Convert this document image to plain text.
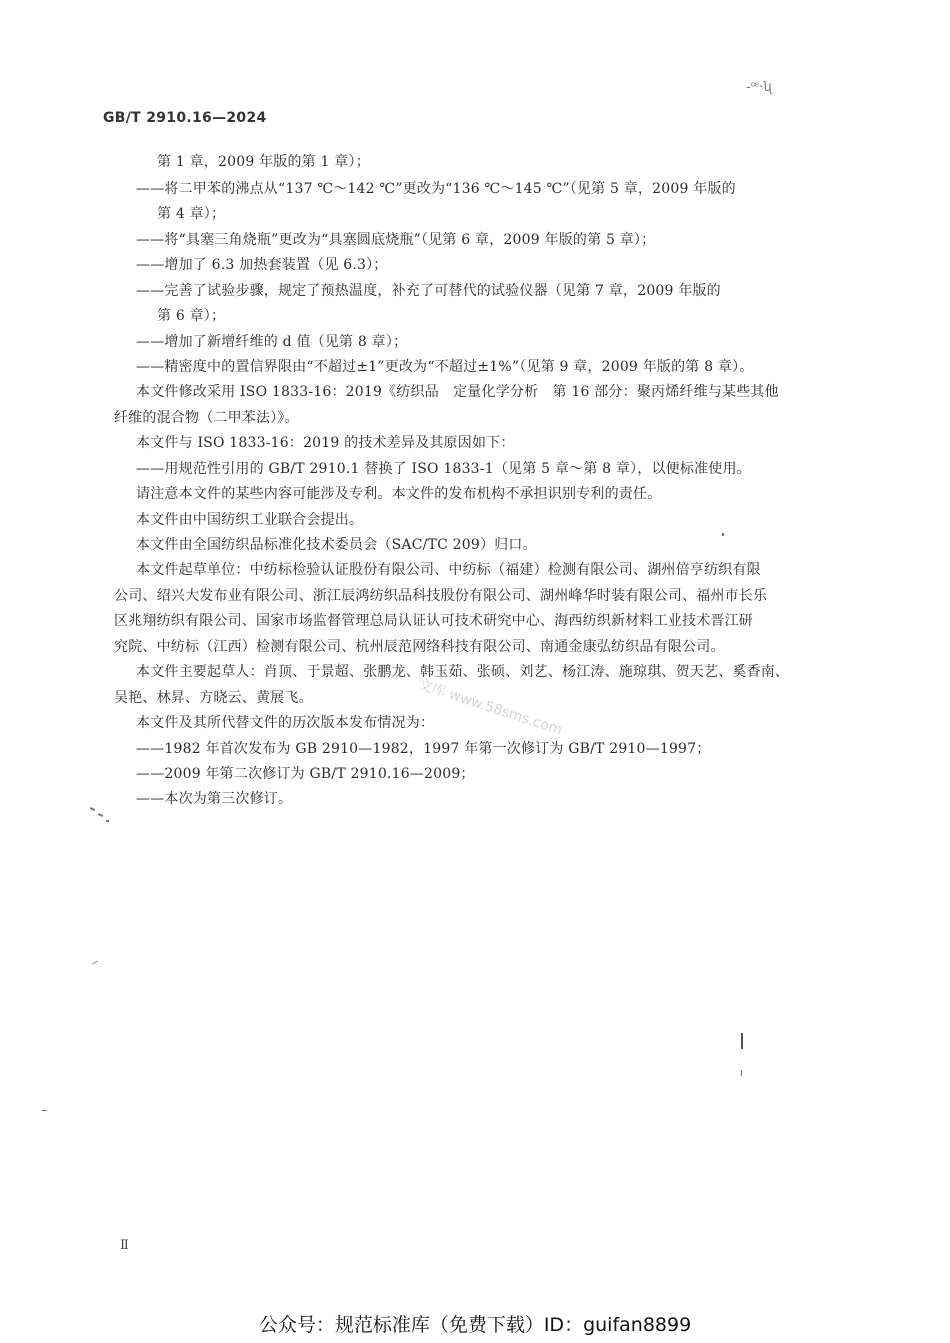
GB/T 2910.16—2024
-ꟹ‧ʯ
第 1 章，2009 年版的第 1 章）；
——将二甲苯的沸点从“137 ℃～142 ℃”更改为“136 ℃～145 ℃”（见第 5 章，2009 年版的
第 4 章）；
——将“具塞三角烧瓶”更改为“具塞圆底烧瓶”（见第 6 章，2009 年版的第 5 章）；
——增加了 6.3 加热套装置（见 6.3）；
——完善了试验步骤，规定了预热温度，补充了可替代的试验仪器（见第 7 章，2009 年版的
第 6 章）；
——增加了新增纤维的 d 值（见第 8 章）；
——精密度中的置信界限由“不超过±1”更改为“不超过±1%”（见第 9 章，2009 年版的第 8 章）。
本文件修改采用 ISO 1833-16：2019《纺织品　定量化学分析　第 16 部分：聚丙烯纤维与某些其他
纤维的混合物（二甲苯法）》。
本文件与 ISO 1833-16：2019 的技术差异及其原因如下：
——用规范性引用的 GB/T 2910.1 替换了 ISO 1833-1（见第 5 章～第 8 章），以便标准使用。
请注意本文件的某些内容可能涉及专利。本文件的发布机构不承担识别专利的责任。
本文件由中国纺织工业联合会提出。
本文件由全国纺织品标准化技术委员会（SAC/TC 209）归口。
本文件起草单位：中纺标检验认证股份有限公司、中纺标（福建）检测有限公司、湖州倍亨纺织有限
公司、绍兴大发布业有限公司、浙江辰鸿纺织品科技股份有限公司、湖州峰华时装有限公司、福州市长乐
区兆翔纺织有限公司、国家市场监督管理总局认证认可技术研究中心、海西纺织新材料工业技术晋江研
究院、中纺标（江西）检测有限公司、杭州辰范网络科技有限公司、南通金康弘纺织品有限公司。
本文件主要起草人：肖顶、于景超、张鹏龙、韩玉茹、张硕、刘艺、杨江涛、施琼琪、贺天艺、奚香南、
吴艳、林昇、方晓云、黄展飞。
本文件及其所代替文件的历次版本发布情况为：
——1982 年首次发布为 GB 2910—1982，1997 年第一次修订为 GB/T 2910—1997；
——2009 年第二次修订为 GB/T 2910.16—2009；
——本次为第三次修订。
文库 www.58sms.com
Ⅱ
公众号：规范标准库（免费下载）ID：guifan8899
